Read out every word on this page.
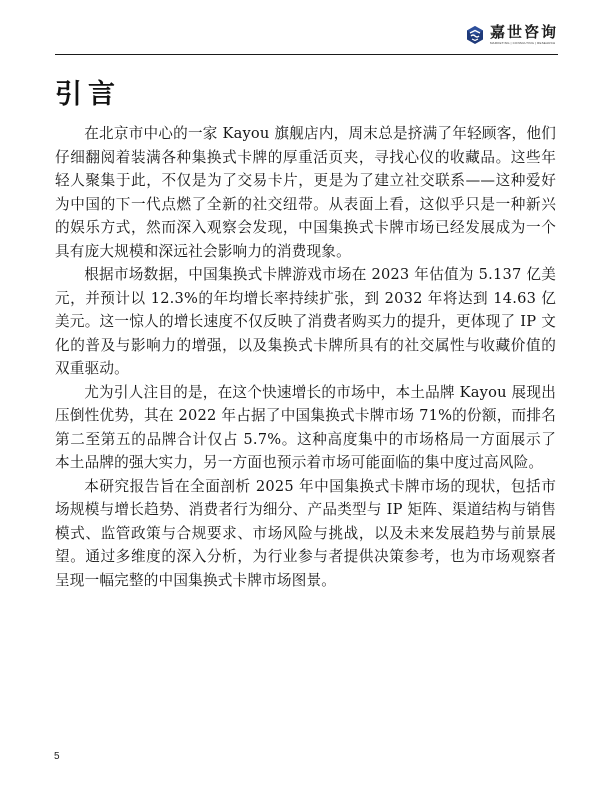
嘉世咨询
MARKETING | CONSULTING | RESEARCH
引言

在北京市中心的一家 Kayou 旗舰店内，周末总是挤满了年轻顾客，他们仔细翻阅着装满各种集换式卡牌的厚重活页夹，寻找心仪的收藏品。这些年轻人聚集于此，不仅是为了交易卡片，更是为了建立社交联系——这种爱好为中国的下一代点燃了全新的社交纽带。从表面上看，这似乎只是一种新兴的娱乐方式，然而深入观察会发现，中国集换式卡牌市场已经发展成为一个具有庞大规模和深远社会影响力的消费现象。

根据市场数据，中国集换式卡牌游戏市场在 2023 年估值为 5.137 亿美元，并预计以 12.3%的年均增长率持续扩张，到 2032 年将达到 14.63 亿美元。这一惊人的增长速度不仅反映了消费者购买力的提升，更体现了 IP 文化的普及与影响力的增强，以及集换式卡牌所具有的社交属性与收藏价值的双重驱动。

尤为引人注目的是，在这个快速增长的市场中，本土品牌 Kayou 展现出压倒性优势，其在 2022 年占据了中国集换式卡牌市场 71%的份额，而排名第二至第五的品牌合计仅占 5.7%。这种高度集中的市场格局一方面展示了本土品牌的强大实力，另一方面也预示着市场可能面临的集中度过高风险。

本研究报告旨在全面剖析 2025 年中国集换式卡牌市场的现状，包括市场规模与增长趋势、消费者行为细分、产品类型与 IP 矩阵、渠道结构与销售模式、监管政策与合规要求、市场风险与挑战，以及未来发展趋势与前景展望。通过多维度的深入分析，为行业参与者提供决策参考，也为市场观察者呈现一幅完整的中国集换式卡牌市场图景。

5
